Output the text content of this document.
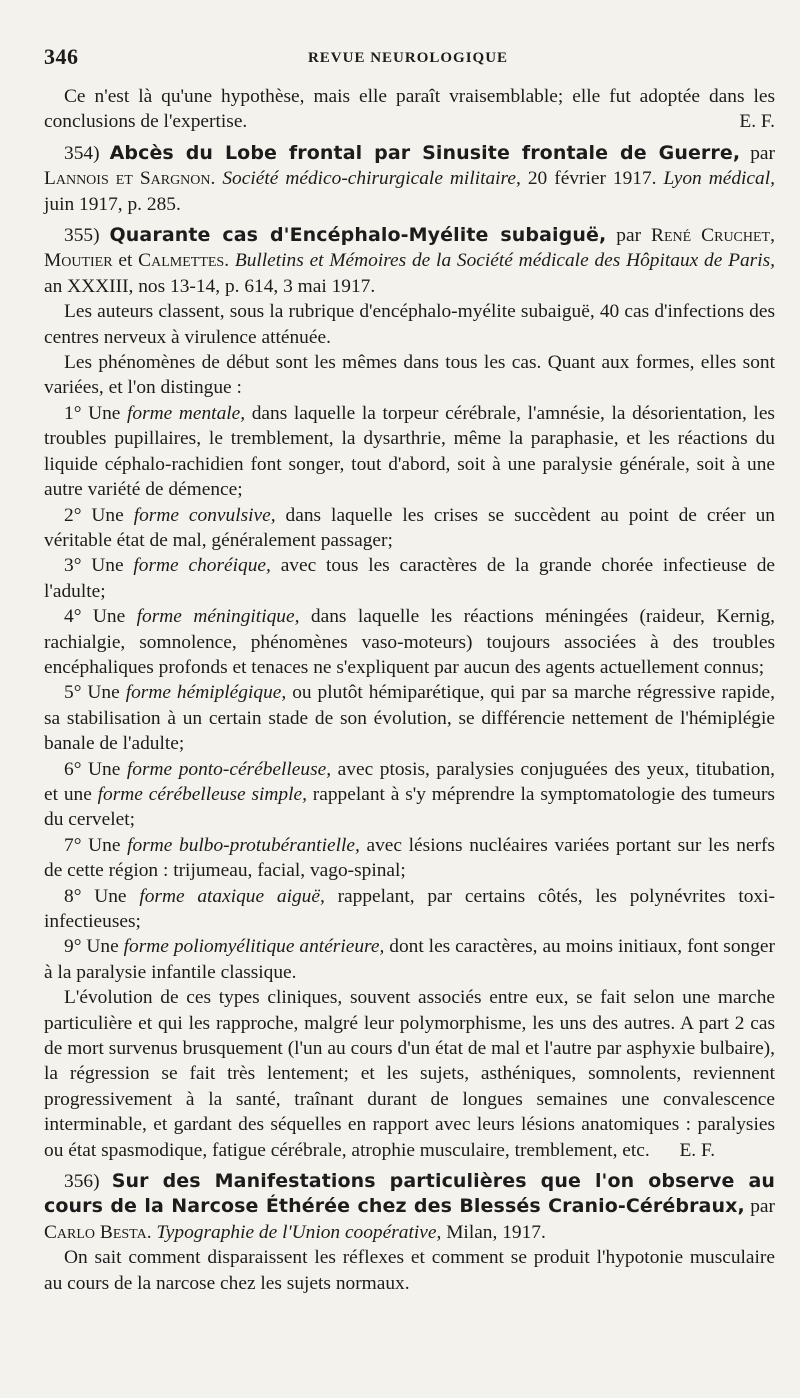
346	REVUE NEUROLOGIQUE

Ce n'est là qu'une hypothèse, mais elle paraît vraisemblable; elle fut adoptée dans les conclusions de l'expertise.	E. F.

354) Abcès du Lobe frontal par Sinusite frontale de Guerre, par Lannois et Sargnon. Société médico-chirurgicale militaire, 20 février 1917. Lyon médical, juin 1917, p. 285.

355) Quarante cas d'Encéphalo-Myélite subaiguë, par René Cruchet, Moutier et Calmettes. Bulletins et Mémoires de la Société médicale des Hôpitaux de Paris, an XXXIII, nos 13-14, p. 614, 3 mai 1917.

Les auteurs classent, sous la rubrique d'encéphalo-myélite subaiguë, 40 cas d'infections des centres nerveux à virulence atténuée.

Les phénomènes de début sont les mêmes dans tous les cas. Quant aux formes, elles sont variées, et l'on distingue :

1° Une forme mentale, dans laquelle la torpeur cérébrale, l'amnésie, la désorientation, les troubles pupillaires, le tremblement, la dysarthrie, même la paraphasie, et les réactions du liquide céphalo-rachidien font songer, tout d'abord, soit à une paralysie générale, soit à une autre variété de démence;

2° Une forme convulsive, dans laquelle les crises se succèdent au point de créer un véritable état de mal, généralement passager;

3° Une forme choréique, avec tous les caractères de la grande chorée infectieuse de l'adulte;

4° Une forme méningitique, dans laquelle les réactions méningées (raideur, Kernig, rachialgie, somnolence, phénomènes vaso-moteurs) toujours associées à des troubles encéphaliques profonds et tenaces ne s'expliquent par aucun des agents actuellement connus;

5° Une forme hémiplégique, ou plutôt hémiparétique, qui par sa marche régressive rapide, sa stabilisation à un certain stade de son évolution, se différencie nettement de l'hémiplégie banale de l'adulte;

6° Une forme ponto-cérébelleuse, avec ptosis, paralysies conjuguées des yeux, titubation, et une forme cérébelleuse simple, rappelant à s'y méprendre la symptomatologie des tumeurs du cervelet;

7° Une forme bulbo-protubérantielle, avec lésions nucléaires variées portant sur les nerfs de cette région : trijumeau, facial, vago-spinal;

8° Une forme ataxique aiguë, rappelant, par certains côtés, les polynévrites toxi-infectieuses;

9° Une forme poliomyélitique antérieure, dont les caractères, au moins initiaux, font songer à la paralysie infantile classique.

L'évolution de ces types cliniques, souvent associés entre eux, se fait selon une marche particulière et qui les rapproche, malgré leur polymorphisme, les uns des autres. A part 2 cas de mort survenus brusquement (l'un au cours d'un état de mal et l'autre par asphyxie bulbaire), la régression se fait très lentement; et les sujets, asthéniques, somnolents, reviennent progressivement à la santé, traînant durant de longues semaines une convalescence interminable, et gardant des séquelles en rapport avec leurs lésions anatomiques : paralysies ou état spasmodique, fatigue cérébrale, atrophie musculaire, tremblement, etc. E. F.

356) Sur des Manifestations particulières que l'on observe au cours de la Narcose Éthérée chez des Blessés Cranio-Cérébraux, par Carlo Besta. Typographie de l'Union coopérative, Milan, 1917.

On sait comment disparaissent les réflexes et comment se produit l'hypotonie musculaire au cours de la narcose chez les sujets normaux.
